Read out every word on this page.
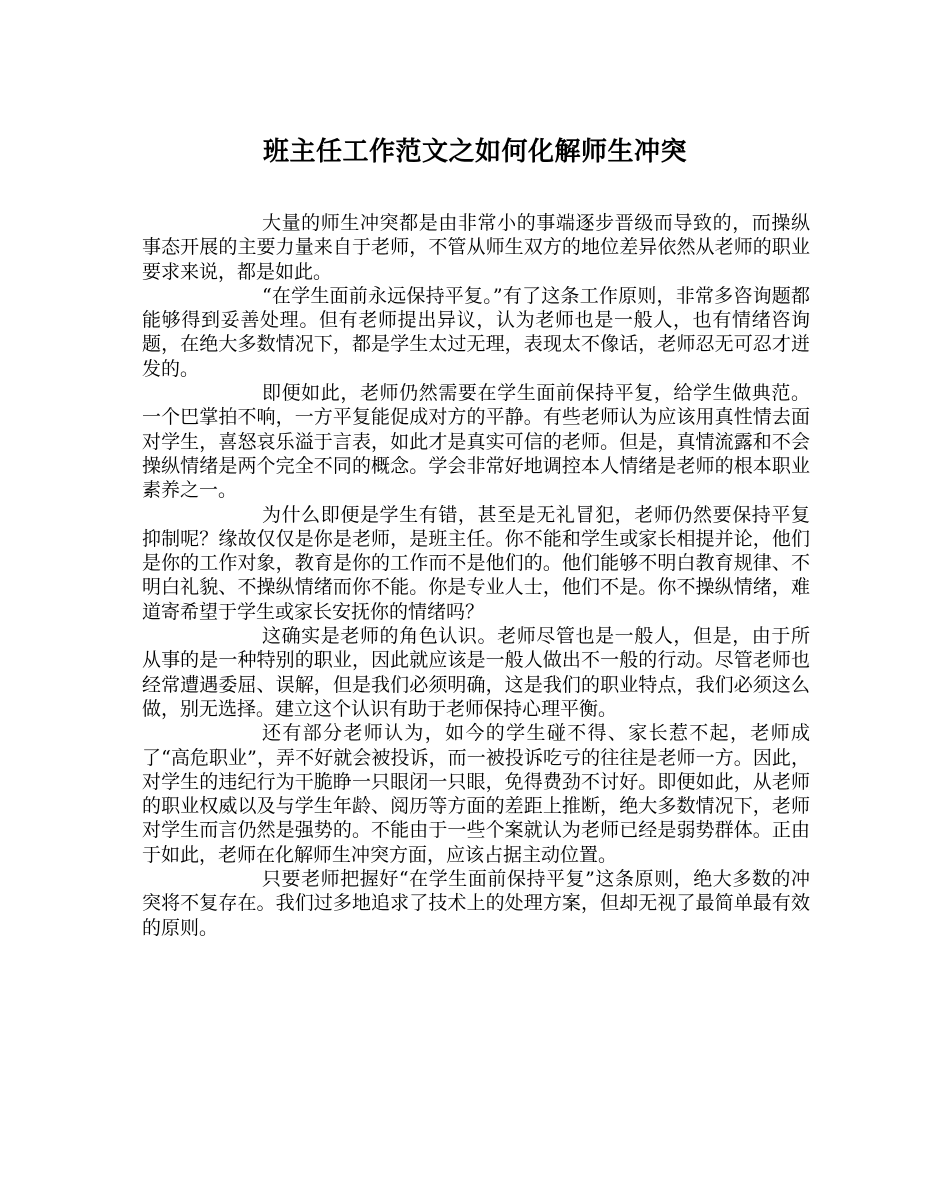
班主任工作范文之如何化解师生冲突

大量的师生冲突都是由非常小的事端逐步晋级而导致的，而操纵事态开展的主要力量来自于老师，不管从师生双方的地位差异依然从老师的职业要求来说，都是如此。

“在学生面前永远保持平复。”有了这条工作原则，非常多咨询题都能够得到妥善处理。但有老师提出异议，认为老师也是一般人，也有情绪咨询题，在绝大多数情况下，都是学生太过无理，表现太不像话，老师忍无可忍才迸发的。

即便如此，老师仍然需要在学生面前保持平复，给学生做典范。一个巴掌拍不响，一方平复能促成对方的平静。有些老师认为应该用真性情去面对学生，喜怒哀乐溢于言表，如此才是真实可信的老师。但是，真情流露和不会操纵情绪是两个完全不同的概念。学会非常好地调控本人情绪是老师的根本职业素养之一。

为什么即便是学生有错，甚至是无礼冒犯，老师仍然要保持平复抑制呢？缘故仅仅是你是老师，是班主任。你不能和学生或家长相提并论，他们是你的工作对象，教育是你的工作而不是他们的。他们能够不明白教育规律、不明白礼貌、不操纵情绪而你不能。你是专业人士，他们不是。你不操纵情绪，难道寄希望于学生或家长安抚你的情绪吗？

这确实是老师的角色认识。老师尽管也是一般人，但是，由于所从事的是一种特别的职业，因此就应该是一般人做出不一般的行动。尽管老师也经常遭遇委屈、误解，但是我们必须明确，这是我们的职业特点，我们必须这么做，别无选择。建立这个认识有助于老师保持心理平衡。

还有部分老师认为，如今的学生碰不得、家长惹不起，老师成了“高危职业”，弄不好就会被投诉，而一被投诉吃亏的往往是老师一方。因此，对学生的违纪行为干脆睁一只眼闭一只眼，免得费劲不讨好。即便如此，从老师的职业权威以及与学生年龄、阅历等方面的差距上推断，绝大多数情况下，老师对学生而言仍然是强势的。不能由于一些个案就认为老师已经是弱势群体。正由于如此，老师在化解师生冲突方面，应该占据主动位置。

只要老师把握好“在学生面前保持平复”这条原则，绝大多数的冲突将不复存在。我们过多地追求了技术上的处理方案，但却无视了最简单最有效的原则。
